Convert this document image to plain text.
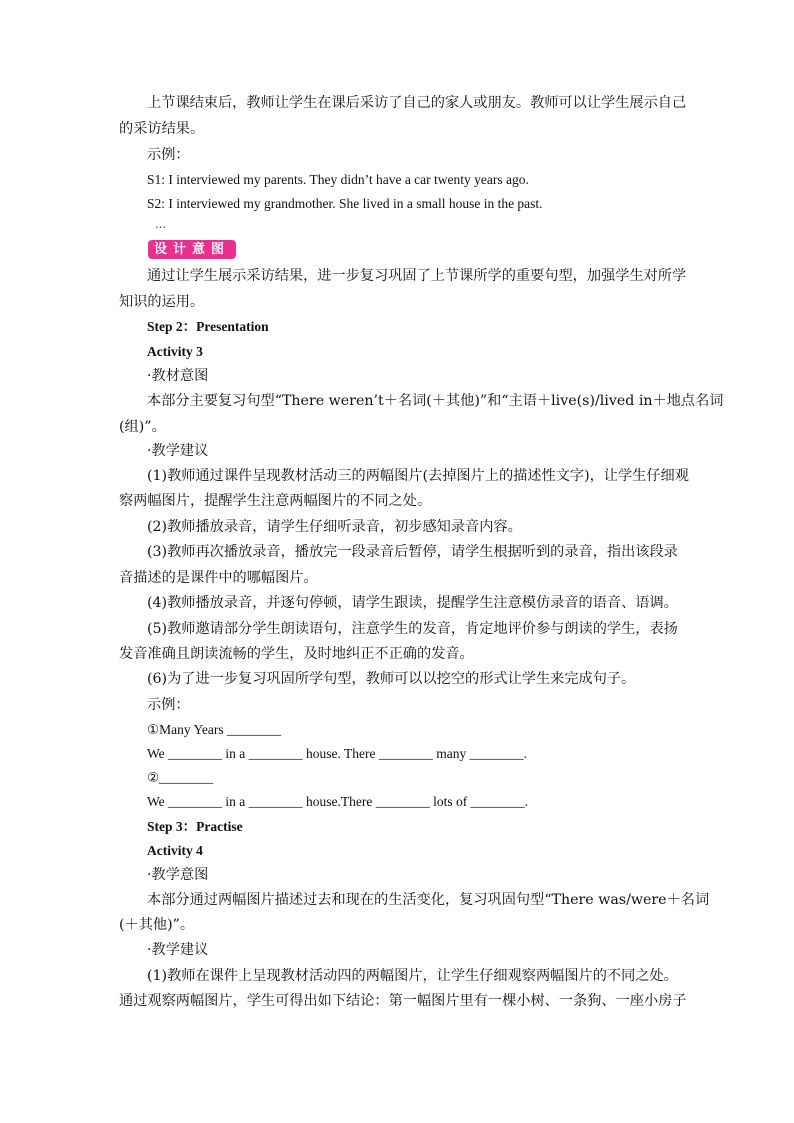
上节课结束后，教师让学生在课后采访了自己的家人或朋友。教师可以让学生展示自己
的采访结果。
示例：
S1: I interviewed my parents. They didn’t have a car twenty years ago.
S2: I interviewed my grandmother. She lived in a small house in the past.
…
设计意图
通过让学生展示采访结果，进一步复习巩固了上节课所学的重要句型，加强学生对所学
知识的运用。
Step 2：Presentation
Activity 3
·教材意图
本部分主要复习句型“There weren’t＋名词(＋其他)”和“主语＋live(s)/lived in＋地点名词
(组)”。
·教学建议
(1)教师通过课件呈现教材活动三的两幅图片(去掉图片上的描述性文字)，让学生仔细观
察两幅图片，提醒学生注意两幅图片的不同之处。
(2)教师播放录音，请学生仔细听录音，初步感知录音内容。
(3)教师再次播放录音，播放完一段录音后暂停，请学生根据听到的录音，指出该段录
音描述的是课件中的哪幅图片。
(4)教师播放录音，并逐句停顿，请学生跟读，提醒学生注意模仿录音的语音、语调。
(5)教师邀请部分学生朗读语句，注意学生的发音，肯定地评价参与朗读的学生，表扬
发音准确且朗读流畅的学生，及时地纠正不正确的发音。
(6)为了进一步复习巩固所学句型，教师可以以挖空的形式让学生来完成句子。
示例：
①Many Years ________
We ________ in a ________ house. There ________ many ________.
②________
We ________ in a ________ house.There ________ lots of ________.
Step 3：Practise
Activity 4
·教学意图
本部分通过两幅图片描述过去和现在的生活变化，复习巩固句型“There was/were＋名词
(＋其他)”。
·教学建议
(1)教师在课件上呈现教材活动四的两幅图片，让学生仔细观察两幅图片的不同之处。
通过观察两幅图片，学生可得出如下结论：第一幅图片里有一棵小树、一条狗、一座小房子
